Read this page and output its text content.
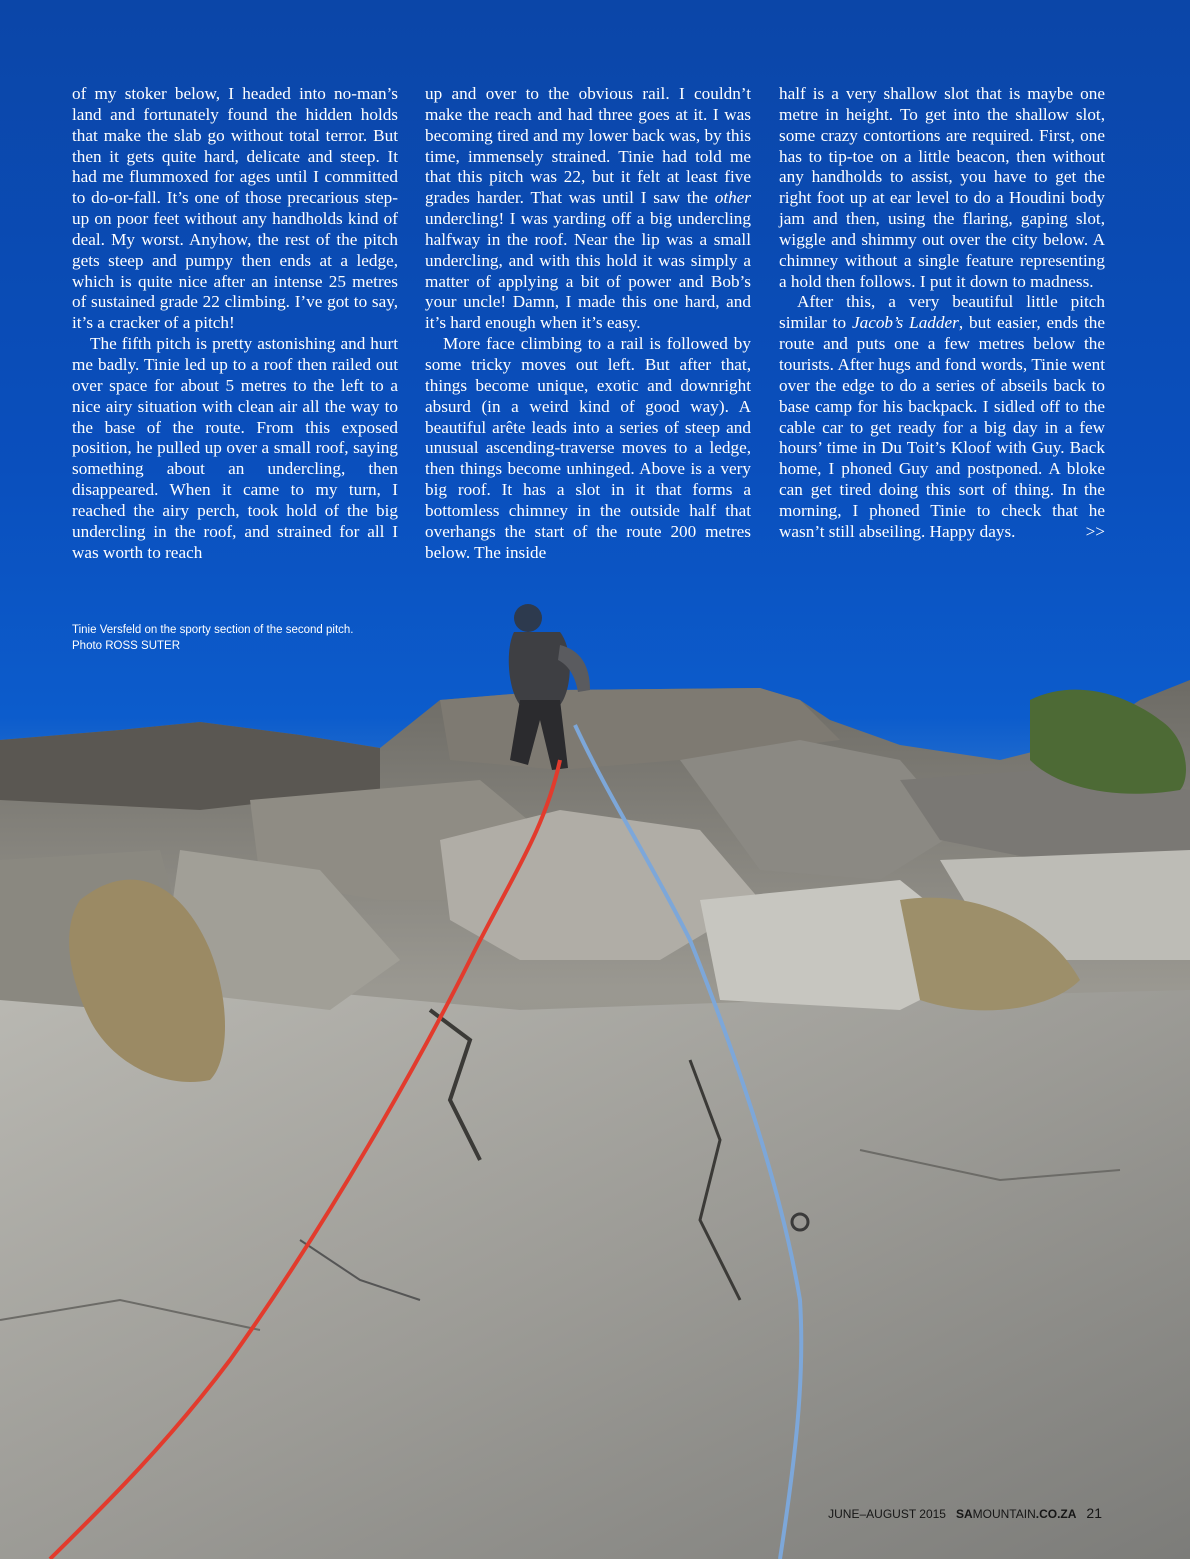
of my stoker below, I headed into no-man’s land and fortunately found the hidden holds that make the slab go without total terror. But then it gets quite hard, delicate and steep. It had me flummoxed for ages until I committed to do-or-fall. It’s one of those precarious step-up on poor feet without any handholds kind of deal. My worst. Anyhow, the rest of the pitch gets steep and pumpy then ends at a ledge, which is quite nice after an intense 25 metres of sustained grade 22 climbing. I’ve got to say, it’s a cracker of a pitch!

The fifth pitch is pretty astonishing and hurt me badly. Tinie led up to a roof then railed out over space for about 5 metres to the left to a nice airy situation with clean air all the way to the base of the route. From this exposed position, he pulled up over a small roof, saying something about an undercling, then disappeared. When it came to my turn, I reached the airy perch, took hold of the big undercling in the roof, and strained for all I was worth to reach

up and over to the obvious rail. I couldn’t make the reach and had three goes at it. I was becoming tired and my lower back was, by this time, immensely strained. Tinie had told me that this pitch was 22, but it felt at least five grades harder. That was until I saw the other undercling! I was yarding off a big undercling halfway in the roof. Near the lip was a small undercling, and with this hold it was simply a matter of applying a bit of power and Bob’s your uncle! Damn, I made this one hard, and it’s hard enough when it’s easy.

More face climbing to a rail is followed by some tricky moves out left. But after that, things become unique, exotic and downright absurd (in a weird kind of good way). A beautiful arête leads into a series of steep and unusual ascending-traverse moves to a ledge, then things become unhinged. Above is a very big roof. It has a slot in it that forms a bottomless chimney in the outside half that overhangs the start of the route 200 metres below. The inside

half is a very shallow slot that is maybe one metre in height. To get into the shallow slot, some crazy contortions are required. First, one has to tip-toe on a little beacon, then without any handholds to assist, you have to get the right foot up at ear level to do a Houdini body jam and then, using the flaring, gaping slot, wiggle and shimmy out over the city below. A chimney without a single feature representing a hold then follows. I put it down to madness.

After this, a very beautiful little pitch similar to Jacob’s Ladder, but easier, ends the route and puts one a few metres below the tourists. After hugs and fond words, Tinie went over the edge to do a series of abseils back to base camp for his backpack. I sidled off to the cable car to get ready for a big day in a few hours’ time in Du Toit’s Kloof with Guy. Back home, I phoned Guy and postponed. A bloke can get tired doing this sort of thing. In the morning, I phoned Tinie to check that he wasn’t still abseiling. Happy days.	>>

Tinie Versfeld on the sporty section of the second pitch.
Photo ROSS SUTER
JUNE–AUGUST 2015 SAMOUNTAIN.CO.ZA 21
